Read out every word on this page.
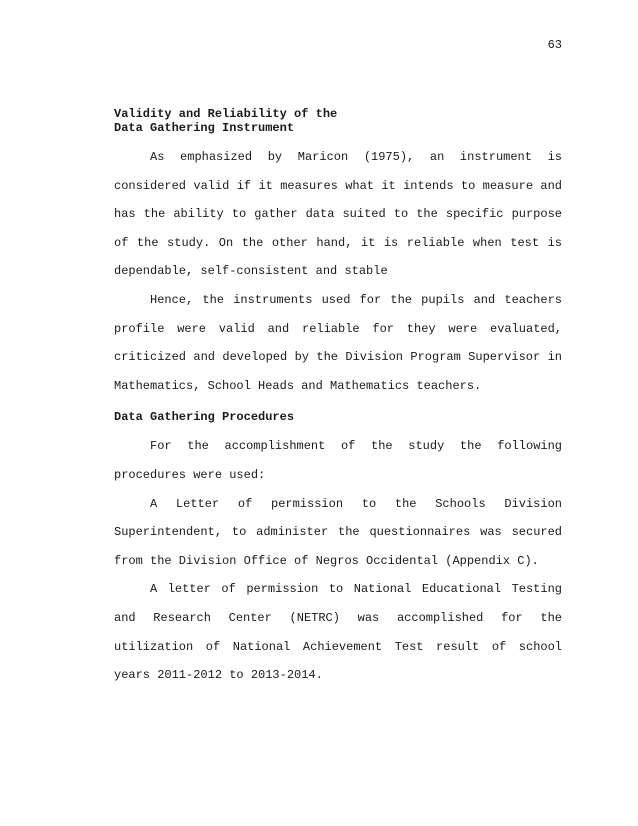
63
Validity and Reliability of the
Data Gathering Instrument

As emphasized by Maricon (1975), an instrument is considered valid if it measures what it intends to measure and has the ability to gather data suited to the specific purpose of the study. On the other hand, it is reliable when test is dependable, self-consistent and stable

Hence, the instruments used for the pupils and teachers profile were valid and reliable for they were evaluated, criticized and developed by the Division Program Supervisor in Mathematics, School Heads and Mathematics teachers.

Data Gathering Procedures

For the accomplishment of the study the following procedures were used:

A Letter of permission to the Schools Division Superintendent, to administer the questionnaires was secured from the Division Office of Negros Occidental (Appendix C).

A letter of permission to National Educational Testing and Research Center (NETRC) was accomplished for the utilization of National Achievement Test result of school years 2011-2012 to 2013-2014.
